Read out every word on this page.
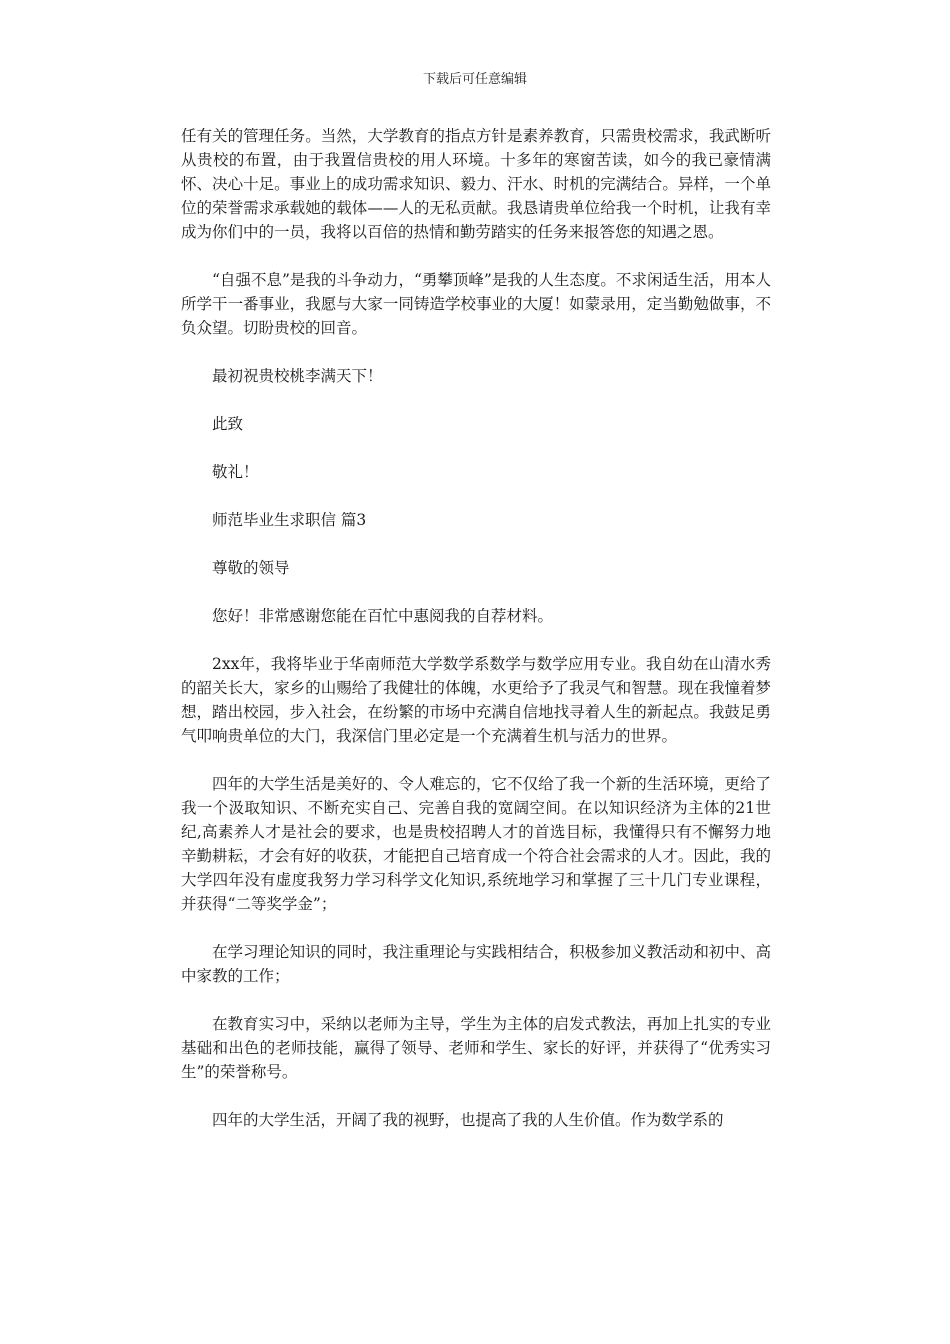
下载后可任意编辑

任有关的管理任务。当然，大学教育的指点方针是素养教育，只需贵校需求，我武断听从贵校的布置，由于我置信贵校的用人环境。十多年的寒窗苦读，如今的我已豪情满怀、决心十足。事业上的成功需求知识、毅力、汗水、时机的完满结合。异样，一个单位的荣誉需求承载她的载体——人的无私贡献。我恳请贵单位给我一个时机，让我有幸成为你们中的一员，我将以百倍的热情和勤劳踏实的任务来报答您的知遇之恩。

“自强不息”是我的斗争动力，“勇攀顶峰”是我的人生态度。不求闲适生活，用本人所学干一番事业，我愿与大家一同铸造学校事业的大厦！如蒙录用，定当勤勉做事，不负众望。切盼贵校的回音。

最初祝贵校桃李满天下！

此致

敬礼！

师范毕业生求职信 篇3

尊敬的领导

您好！非常感谢您能在百忙中惠阅我的自荐材料。

2xx年，我将毕业于华南师范大学数学系数学与数学应用专业。我自幼在山清水秀的韶关长大，家乡的山赐给了我健壮的体魄，水更给予了我灵气和智慧。现在我憧着梦想，踏出校园，步入社会，在纷繁的市场中充满自信地找寻着人生的新起点。我鼓足勇气叩响贵单位的大门，我深信门里必定是一个充满着生机与活力的世界。

四年的大学生活是美好的、令人难忘的，它不仅给了我一个新的生活环境，更给了我一个汲取知识、不断充实自己、完善自我的宽阔空间。在以知识经济为主体的21世纪,高素养人才是社会的要求，也是贵校招聘人才的首选目标，我懂得只有不懈努力地辛勤耕耘，才会有好的收获，才能把自己培育成一个符合社会需求的人才。因此，我的大学四年没有虚度我努力学习科学文化知识,系统地学习和掌握了三十几门专业课程，并获得“二等奖学金”；

在学习理论知识的同时，我注重理论与实践相结合，积极参加义教活动和初中、高中家教的工作；

在教育实习中，采纳以老师为主导，学生为主体的启发式教法，再加上扎实的专业基础和出色的老师技能，赢得了领导、老师和学生、家长的好评，并获得了“优秀实习生”的荣誉称号。

四年的大学生活，开阔了我的视野，也提高了我的人生价值。作为数学系的
